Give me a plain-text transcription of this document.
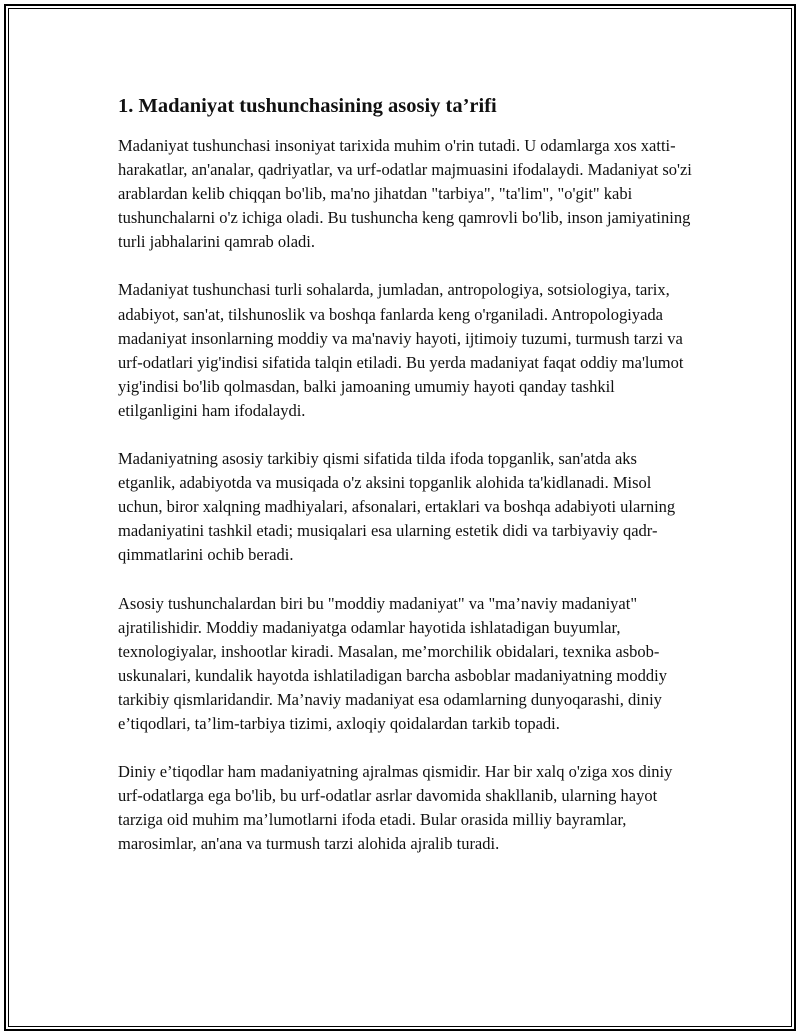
1. Madaniyat tushunchasining asosiy ta’rifi

Madaniyat tushunchasi insoniyat tarixida muhim o'rin tutadi. U odamlarga xos xatti-harakatlar, an'analar, qadriyatlar, va urf-odatlar majmuasini ifodalaydi. Madaniyat so'zi arablardan kelib chiqqan bo'lib, ma'no jihatdan "tarbiya", "ta'lim", "o'git" kabi tushunchalarni o'z ichiga oladi. Bu tushuncha keng qamrovli bo'lib, inson jamiyatining turli jabhalarini qamrab oladi.

Madaniyat tushunchasi turli sohalarda, jumladan, antropologiya, sotsiologiya, tarix, adabiyot, san'at, tilshunoslik va boshqa fanlarda keng o'rganiladi. Antropologiyada madaniyat insonlarning moddiy va ma'naviy hayoti, ijtimoiy tuzumi, turmush tarzi va urf-odatlari yig'indisi sifatida talqin etiladi. Bu yerda madaniyat faqat oddiy ma'lumot yig'indisi bo'lib qolmasdan, balki jamoaning umumiy hayoti qanday tashkil etilganligini ham ifodalaydi.

Madaniyatning asosiy tarkibiy qismi sifatida tilda ifoda topganlik, san'atda aks etganlik, adabiyotda va musiqada o'z aksini topganlik alohida ta'kidlanadi. Misol uchun, biror xalqning madhiyalari, afsonalari, ertaklari va boshqa adabiyoti ularning madaniyatini tashkil etadi; musiqalari esa ularning estetik didi va tarbiyaviy qadr-qimmatlarini ochib beradi.

Asosiy tushunchalardan biri bu "moddiy madaniyat" va "ma’naviy madaniyat" ajratilishidir. Moddiy madaniyatga odamlar hayotida ishlatadigan buyumlar, texnologiyalar, inshootlar kiradi. Masalan, me’morchilik obidalari, texnika asbob-uskunalari, kundalik hayotda ishlatiladigan barcha asboblar madaniyatning moddiy tarkibiy qismlaridandir. Ma’naviy madaniyat esa odamlarning dunyoqarashi, diniy e’tiqodlari, ta’lim-tarbiya tizimi, axloqiy qoidalardan tarkib topadi.

Diniy e’tiqodlar ham madaniyatning ajralmas qismidir. Har bir xalq o'ziga xos diniy urf-odatlarga ega bo'lib, bu urf-odatlar asrlar davomida shakllanib, ularning hayot tarziga oid muhim ma’lumotlarni ifoda etadi. Bular orasida milliy bayramlar, marosimlar, an'ana va turmush tarzi alohida ajralib turadi.
